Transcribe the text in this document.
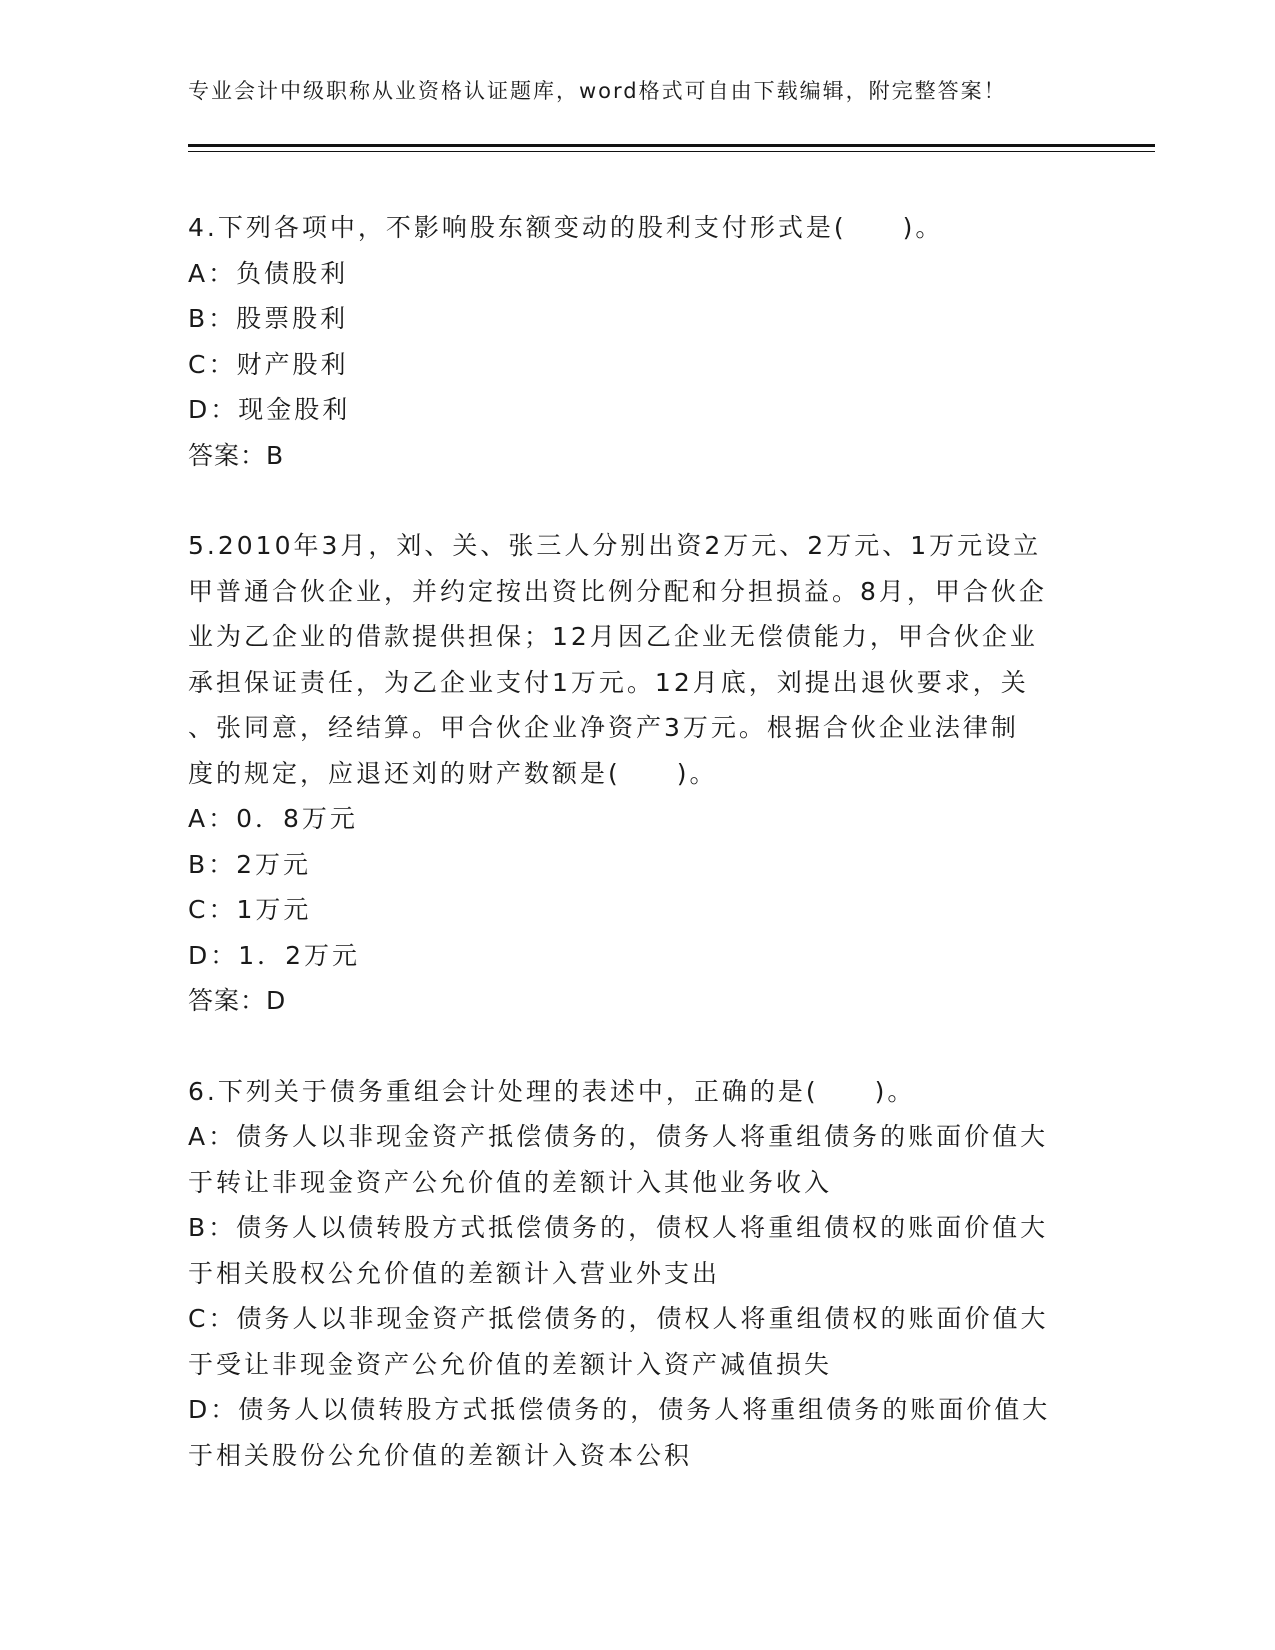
专业会计中级职称从业资格认证题库，word格式可自由下载编辑，附完整答案！

4.下列各项中，不影响股东额变动的股利支付形式是(　　)。

A：负债股利

B：股票股利

C：财产股利

D：现金股利

答案：B

5.2010年3月，刘、关、张三人分别出资2万元、2万元、1万元设立

甲普通合伙企业，并约定按出资比例分配和分担损益。8月，甲合伙企

业为乙企业的借款提供担保；12月因乙企业无偿债能力，甲合伙企业

承担保证责任，为乙企业支付1万元。12月底，刘提出退伙要求，关

、张同意，经结算。甲合伙企业净资产3万元。根据合伙企业法律制

度的规定，应退还刘的财产数额是(　　)。

A：0．8万元

B：2万元

C：1万元

D：1．2万元

答案：D

6.下列关于债务重组会计处理的表述中，正确的是(　　)。

A：债务人以非现金资产抵偿债务的，债务人将重组债务的账面价值大

于转让非现金资产公允价值的差额计入其他业务收入

B：债务人以债转股方式抵偿债务的，债权人将重组债权的账面价值大

于相关股权公允价值的差额计入营业外支出

C：债务人以非现金资产抵偿债务的，债权人将重组债权的账面价值大

于受让非现金资产公允价值的差额计入资产减值损失

D：债务人以债转股方式抵偿债务的，债务人将重组债务的账面价值大

于相关股份公允价值的差额计入资本公积
